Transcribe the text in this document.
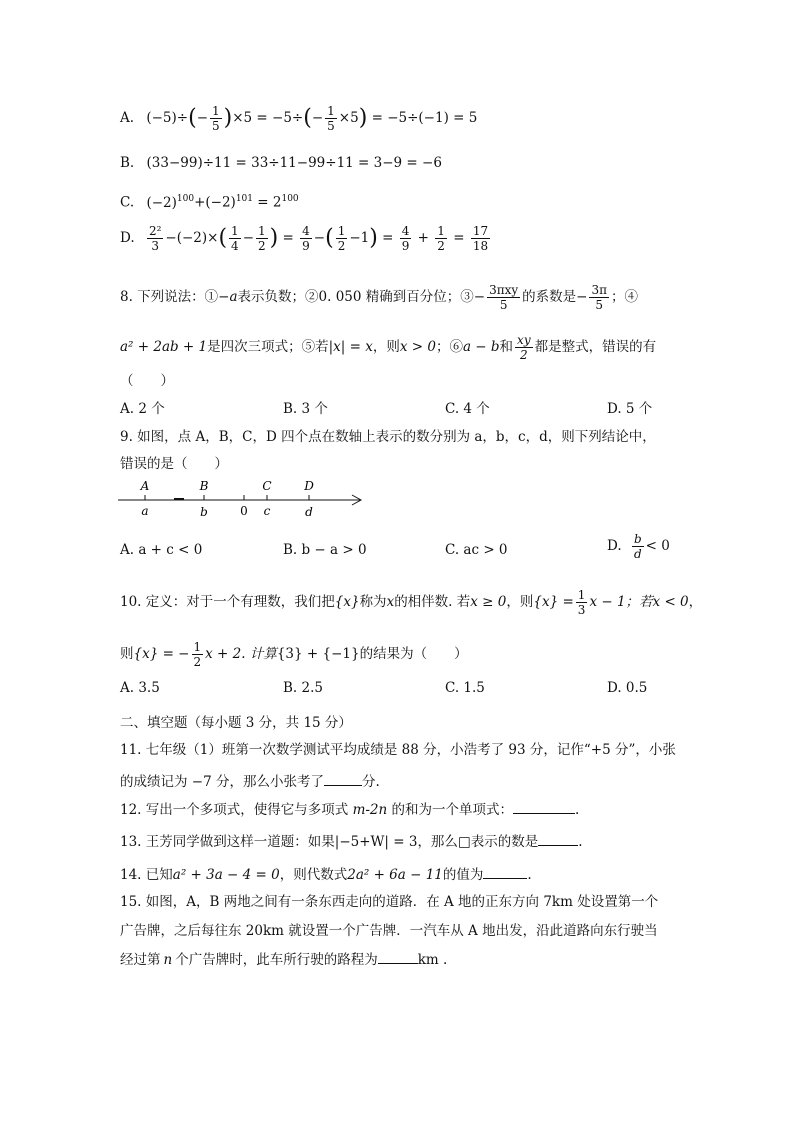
A. $(-5)\div(- \frac{1}{5} )\times 5 = -5\div(- \frac{1}{5} \times 5) = -5\div(-1) = 5$
B. (33−99)÷11 = 33÷11−99÷11 = 3−9 = −6
C. $(-2)^{100}+(-2)^{101} = 2^{100}$
D. $\frac{\text{2²}}{3} -(-2)\times( \frac{1}{4} - \frac{1}{2}$ ) = $\frac{4}{9}$ −( $\frac{1}{2} -1) = \frac{4}{9} + \frac{1}{2} = \frac{17}{18}$
8. 下列说法：①−a表示负数；②0. 050 精确到百分位；③− $\frac{\text{3πxy}}{5}$ 的系数是− $\frac{3\pi}{5}$ ；④
a² + 2ab + 1是四次三项式；⑤若|x| = x，则x > 0；⑥a − b和 $\frac{xy}{2}$ 都是整式，错误的有
（　　）
A. 2 个	B. 3 个	C. 4 个	D. 5 个
9. 如图，点 A，B，C，D 四个点在数轴上表示的数分别为 a，b，c，d，则下列结论中，
错误的是（　　）
A	B	C	D
a	b	0 c	d
A. a + c < 0	B. b − a > 0	C. ac > 0	D. $\frac{b}{d} < 0$
10. 定义：对于一个有理数，我们把{x}称为x的相伴数. 若x ≥ 0，则$\{x\} = \frac{1}{3}$ x − 1；若x < 0，
则{x} = − $\frac{1}{2}$ x + 2. 计算{3} + {−1}的结果为（　　）
A. 3.5	B. 2.5	C. 1.5	D. 0.5
二、填空题（每小题 3 分，共 15 分）
11. 七年级（1）班第一次数学测试平均成绩是 88 分，小浩考了 93 分，记作“+5 分”，小张
的成绩记为 −7 分，那么小张考了	分.
12. 写出一个多项式，使得它与多项式 m-2n 的和为一个单项式：	.
13. 王芳同学做到这样一道题：如果|−5+W| = 3，那么□表示的数是	.
14. 已知a² + 3a − 4 = 0，则代数式2a² + 6a − 11的值为	.
15. 如图，A，B 两地之间有一条东西走向的道路．在 A 地的正东方向 7km 处设置第一个
广告牌，之后每往东 20km 就设置一个广告牌．一汽车从 A 地出发，沿此道路向东行驶当
经过第 n 个广告牌时，此车所行驶的路程为	km .
